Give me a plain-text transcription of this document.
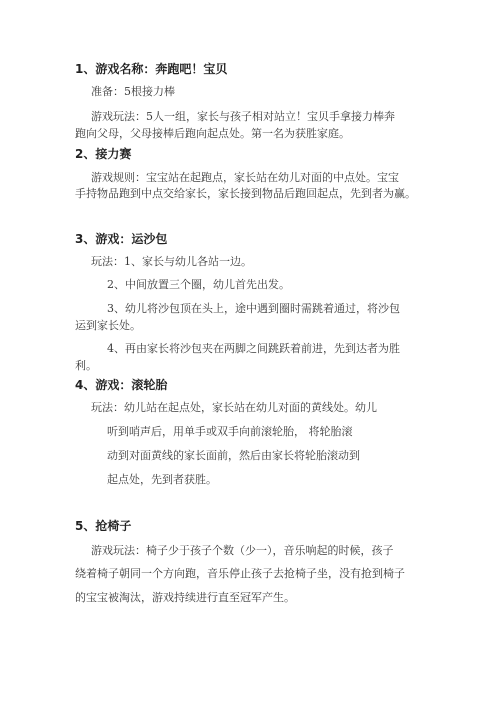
1、游戏名称：奔跑吧！宝贝
准备：5根接力棒
游戏玩法：5人一组，家长与孩子相对站立！宝贝手拿接力棒奔
跑向父母，父母接棒后跑向起点处。第一名为获胜家庭。
2、接力赛
游戏规则：宝宝站在起跑点，家长站在幼儿对面的中点处。宝宝
手持物品跑到中点交给家长，家长接到物品后跑回起点，先到者为赢。
3、游戏：运沙包
玩法：1、家长与幼儿各站一边。
2、中间放置三个圈，幼儿首先出发。
3、幼儿将沙包顶在头上，途中遇到圈时需跳着通过，将沙包
运到家长处。
4、再由家长将沙包夹在两脚之间跳跃着前进，先到达者为胜
利。
4、游戏：滚轮胎
玩法：幼儿站在起点处，家长站在幼儿对面的黄线处。幼儿
听到哨声后，用单手或双手向前滚轮胎， 将轮胎滚
动到对面黄线的家长面前，然后由家长将轮胎滚动到
起点处，先到者获胜。
5、抢椅子
游戏玩法：椅子少于孩子个数（少一），音乐响起的时候，孩子
绕着椅子朝同一个方向跑，音乐停止孩子去抢椅子坐，没有抢到椅子
的宝宝被淘汰，游戏持续进行直至冠军产生。
